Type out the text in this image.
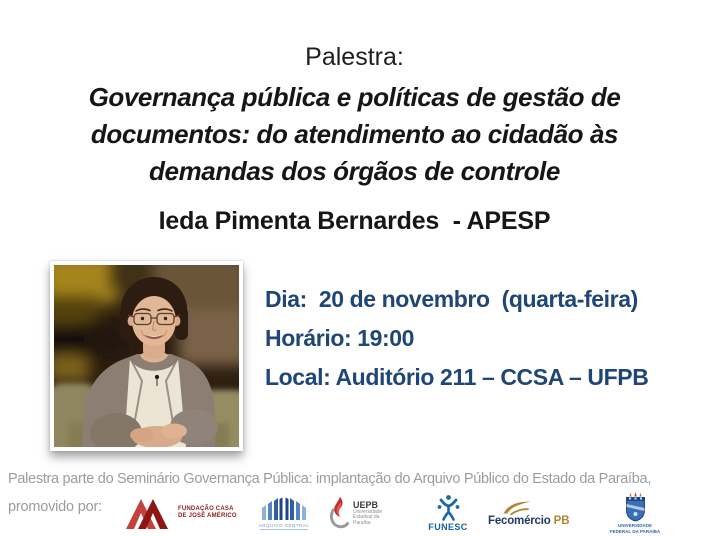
Palestra:
Governança pública e políticas de gestão de
documentos: do atendimento ao cidadão às
demandas dos órgãos de controle
Ieda Pimenta Bernardes  - APESP
Dia:  20 de novembro  (quarta-feira)
Horário: 19:00
Local: Auditório 211 – CCSA – UFPB
Palestra parte do Seminário Governança Pública: implantação do Arquivo Público do Estado da Paraíba,
promovido por:	FUNDAÇÃO CASA
DE JOSÉ AMÉRICO
ARQUIVO CENTRAL
UEPB
Universidade
Estadual da
Paraíba	FUNESC
Fecomércio PB	UNIVERSIDADE
FEDERAL DA PARAÍBA
